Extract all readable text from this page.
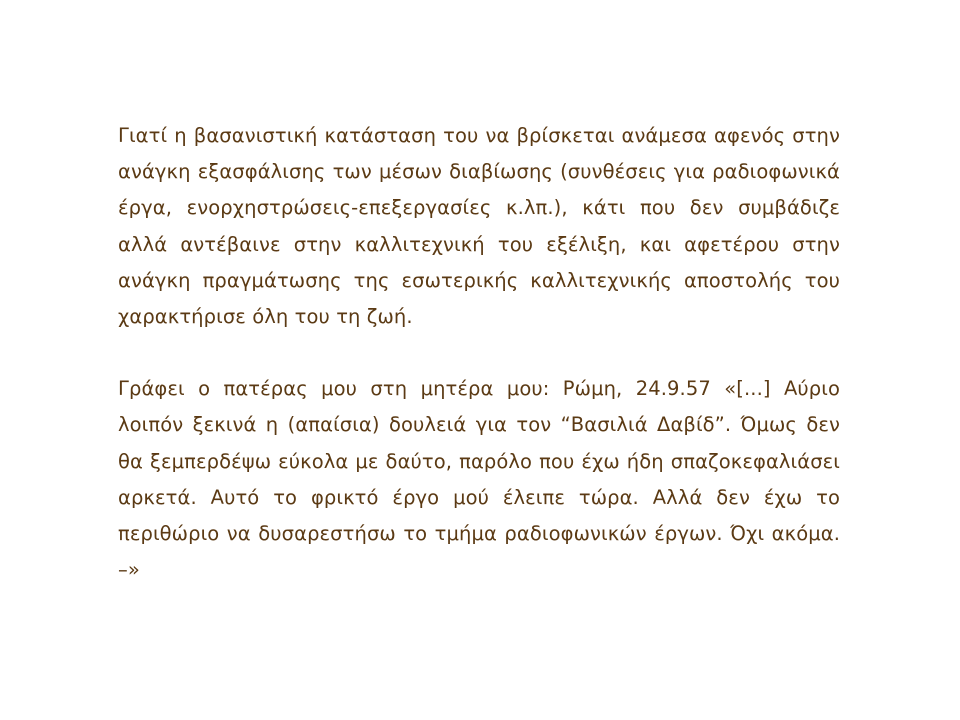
Γιατί η βασανιστική κατάσταση του να βρίσκεται ανάμεσα αφενός στην ανάγκη εξασφάλισης των μέσων διαβίωσης (συνθέσεις για ραδιοφωνικά έργα, ενορχηστρώσεις-επεξεργασίες κ.λπ.), κάτι που δεν συμβάδιζε αλλά αντέβαινε στην καλλιτεχνική του εξέλιξη, και αφετέρου στην ανάγκη πραγμάτωσης της εσωτερικής καλλιτεχνικής αποστολής του χαρακτήρισε όλη του τη ζωή.

Γράφει ο πατέρας μου στη μητέρα μου: Ρώμη, 24.9.57 «[...] Αύριο λοιπόν ξεκινά η (απαίσια) δουλειά για τον “Βασιλιά Δαβίδ”. Όμως δεν θα ξεμπερδέψω εύκολα με δαύτο, παρόλο που έχω ήδη σπαζοκεφαλιάσει αρκετά. Αυτό το φρικτό έργο μού έλειπε τώρα. Αλλά δεν έχω το περιθώριο να δυσαρεστήσω το τμήμα ραδιοφωνικών έργων. Όχι ακόμα. –»
